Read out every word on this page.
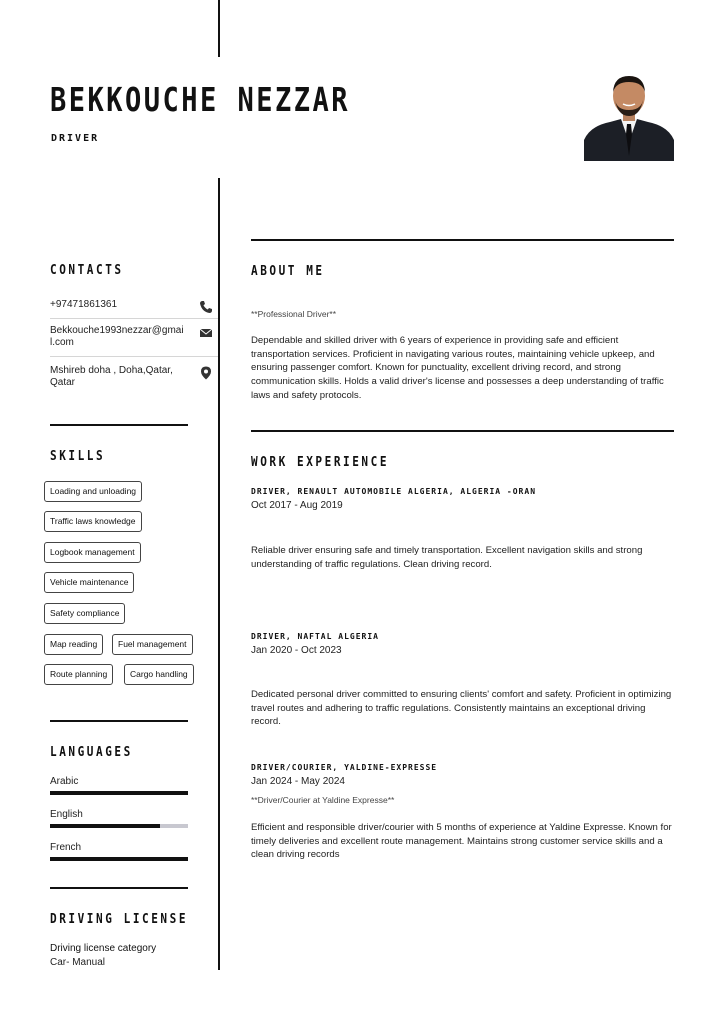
BEKKOUCHE NEZZAR
DRIVER
CONTACTS
+97471861361
Bekkouche1993nezzar@gmai l.com
Mshireb doha , Doha,Qatar, Qatar
SKILLS
Loading and unloading
Traffic laws knowledge
Logbook management
Vehicle maintenance
Safety compliance
Map reading	Fuel management
Route planning	Cargo handling
LANGUAGES
Arabic
English
French
DRIVING LICENSE
Driving license category
Car- Manual
ABOUT ME
**Professional Driver**
Dependable and skilled driver with 6 years of experience in providing safe and efficient transportation services. Proficient in navigating various routes, maintaining vehicle upkeep, and ensuring passenger comfort. Known for punctuality, excellent driving record, and strong communication skills. Holds a valid driver's license and possesses a deep understanding of traffic laws and safety protocols.
WORK EXPERIENCE
DRIVER, RENAULT AUTOMOBILE ALGERIA, ALGERIA -ORAN
Oct 2017 - Aug 2019
Reliable driver ensuring safe and timely transportation. Excellent navigation skills and strong understanding of traffic regulations. Clean driving record.
DRIVER, NAFTAL ALGERIA
Jan 2020 - Oct 2023
Dedicated personal driver committed to ensuring clients' comfort and safety. Proficient in optimizing travel routes and adhering to traffic regulations. Consistently maintains an exceptional driving record.
DRIVER/COURIER, YALDINE-EXPRESSE
Jan 2024 - May 2024
**Driver/Courier at Yaldine Expresse**
Efficient and responsible driver/courier with 5 months of experience at Yaldine Expresse. Known for timely deliveries and excellent route management. Maintains strong customer service skills and a clean driving records
